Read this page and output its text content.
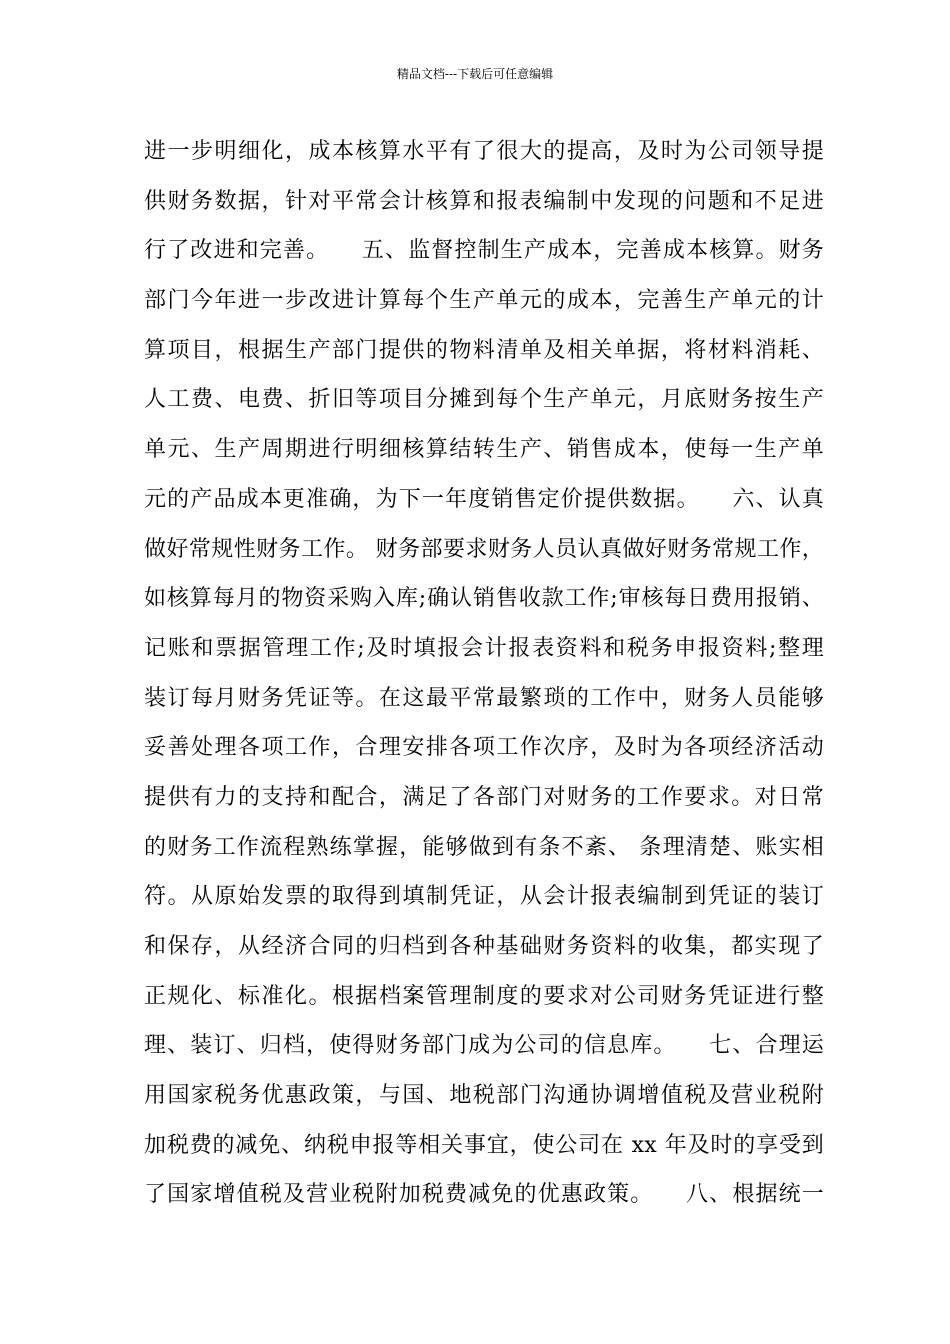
精品文档---下载后可任意编辑
进一步明细化，成本核算水平有了很大的提高，及时为公司领导提
供财务数据，针对平常会计核算和报表编制中发现的问题和不足进
行了改进和完善。    五、监督控制生产成本，完善成本核算。财务
部门今年进一步改进计算每个生产单元的成本，完善生产单元的计
算项目，根据生产部门提供的物料清单及相关单据，将材料消耗、
人工费、电费、折旧等项目分摊到每个生产单元，月底财务按生产
单元、生产周期进行明细核算结转生产、销售成本，使每一生产单
元的产品成本更准确，为下一年度销售定价提供数据。    六、认真
做好常规性财务工作。 财务部要求财务人员认真做好财务常规工作，
如核算每月的物资采购入库;确认销售收款工作;审核每日费用报销、
记账和票据管理工作;及时填报会计报表资料和税务申报资料;整理
装订每月财务凭证等。在这最平常最繁琐的工作中，财务人员能够
妥善处理各项工作，合理安排各项工作次序，及时为各项经济活动
提供有力的支持和配合，满足了各部门对财务的工作要求。对日常
的财务工作流程熟练掌握，能够做到有条不紊、 条理清楚、账实相
符。从原始发票的取得到填制凭证，从会计报表编制到凭证的装订
和保存，从经济合同的归档到各种基础财务资料的收集，都实现了
正规化、标准化。根据档案管理制度的要求对公司财务凭证进行整
理、装订、归档，使得财务部门成为公司的信息库。    七、合理运
用国家税务优惠政策，与国、地税部门沟通协调增值税及营业税附
加税费的减免、纳税申报等相关事宜，使公司在 xx 年及时的享受到
了国家增值税及营业税附加税费减免的优惠政策。    八、根据统一
